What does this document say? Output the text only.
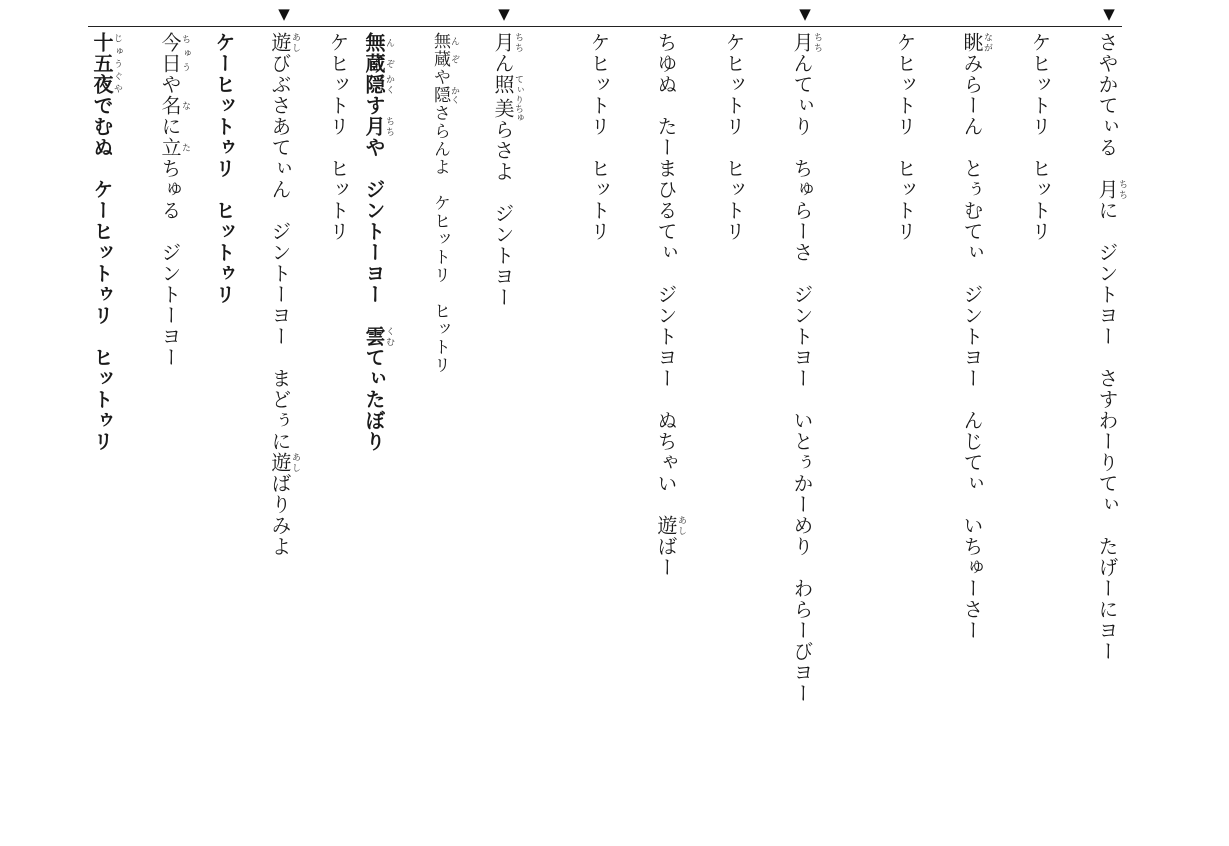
▼
▼
▼
▼
さやかてぃる　月ちちに　ジントヨー　さすわーりてぃ　たげーにヨー
ケヒットリ　ヒットリ
眺ながみらーん　とぅむてぃ　ジントヨー　んじてぃ　いちゅーさー
ケヒットリ　ヒットリ
月ちちんてぃり　ちゅらーさ　ジントヨー　いとぅかーめり　わらーびヨー
ケヒットリ　ヒットリ
ちゆぬ　たーまひるてぃ　ジントヨー　ぬちゃい　遊あしばー
ケヒットリ　ヒットリ
月ちちん照てぃ美りちゅらさよ　ジントヨー
無 ん蔵 ぞや隠 かくさらんよ　ケヒットリ　ヒットリ
無ん蔵ぞ隠かくす月ちちや　ジントーヨー　雲くむてぃたぼり
ケヒットリ　ヒットリ
遊あしびぶさあてぃん　ジントーヨー　まどぅに遊あしばりみよ
ケーヒットゥリ　ヒットゥリ
今日ちゅうや名なに立たちゅる　ジントーヨー
十五夜じゅうぐやでむぬ　ケーヒットゥリ　ヒットゥリ
